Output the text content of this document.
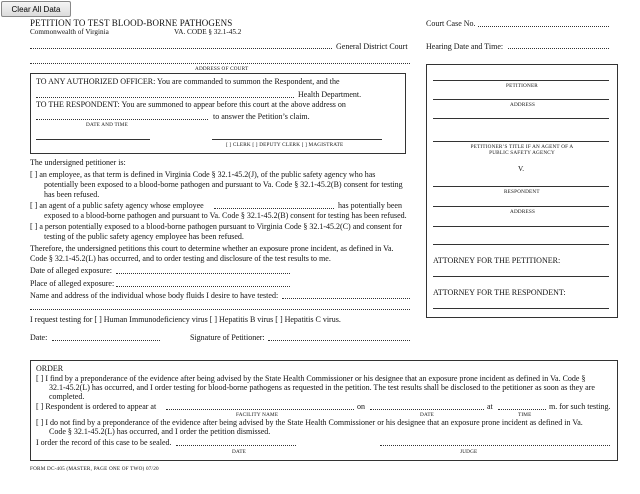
Clear All Data
PETITION TO TEST BLOOD-BORNE PATHOGENS
Commonwealth of Virginia	VA. CODE § 32.1-45.2
Court Case No.
General District Court Hearing Date and Time:
ADDRESS OF COURT
TO ANY AUTHORIZED OFFICER: You are commanded to summon the Respondent, and the
Health Department.
TO THE RESPONDENT: You are summoned to appear before this court at the above address on
to answer the Petition’s claim.
DATE AND TIME
[ ] CLERK [ ] DEPUTY CLERK [ ] MAGISTRATE
PETITIONER
ADDRESS
PETITIONER’S TITLE IF AN AGENT OF A PUBLIC SAFETY AGENCY
V.
RESPONDENT
ADDRESS
ATTORNEY FOR THE PETITIONER:
ATTORNEY FOR THE RESPONDENT:
The undersigned petitioner is:
[ ] an employee, as that term is defined in Virginia Code § 32.1-45.2(J), of the public safety agency who has
potentially been exposed to a blood-borne pathogen and pursuant to Va. Code § 32.1-45.2(B) consent for testing
has been refused.
[ ] an agent of a public safety agency whose employee	has potentially been
exposed to a blood-borne pathogen and pursuant to Va. Code § 32.1-45.2(B) consent for testing has been refused.
[ ] a person potentially exposed to a blood-borne pathogen pursuant to Virginia Code § 32.1-45.2(C) and consent for
testing of the public safety agency employee has been refused.
Therefore, the undersigned petitions this court to determine whether an exposure prone incident, as defined in Va.
Code § 32.1-45.2(L) has occurred, and to order testing and disclosure of the test results to me.
Date of alleged exposure:
Place of alleged exposure:
Name and address of the individual whose body fluids I desire to have tested:
I request testing for [ ] Human Immunodeficiency virus [ ] Hepatitis B virus [ ] Hepatitis C virus.
Date:	Signature of Petitioner:
ORDER
[ ] I find by a preponderance of the evidence after being advised by the State Health Commissioner or his designee that an exposure prone incident as defined in Va. Code §
32.1-45.2(L) has occurred, and I order testing for blood-borne pathogens as requested in the petition. The test results shall be disclosed to the petitioner as soon as they are
completed.
[ ] Respondent is ordered to appear at	on	at	m. for such testing.
FACILITY NAME	DATE	TIME
[ ] I do not find by a preponderance of the evidence after being advised by the State Health Commissioner or his designee that an exposure prone incident as defined in Va.
Code § 32.1-45.2(L) has occurred, and I order the petition dismissed.
I order the record of this case to be sealed.
DATE	JUDGE
FORM DC-405 (MASTER, PAGE ONE OF TWO) 07/20
